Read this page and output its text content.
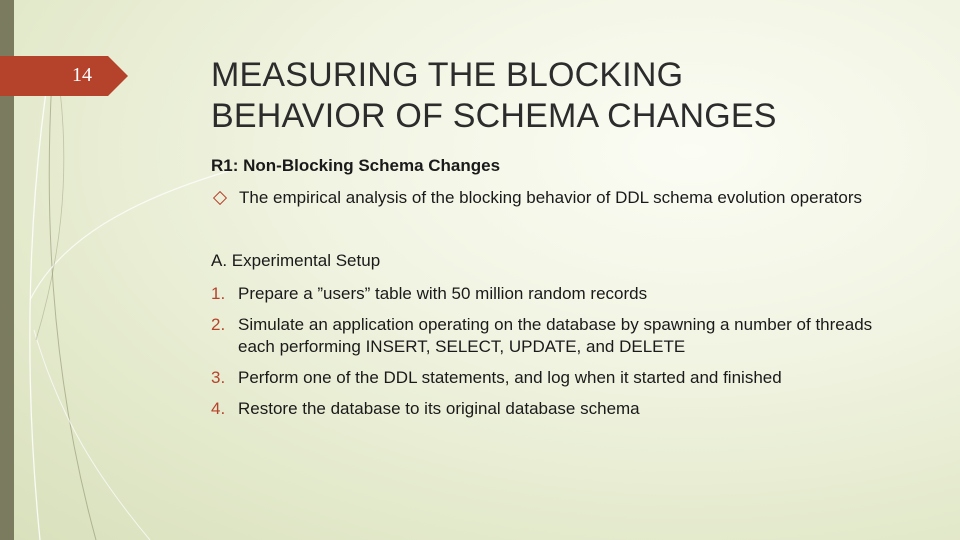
14	MEASURING THE BLOCKING
BEHAVIOR OF SCHEMA CHANGES
R1: Non-Blocking Schema Changes
The empirical analysis of the blocking behavior of DDL schema evolution operators
A. Experimental Setup
1. Prepare a ”users” table with 50 million random records
2. Simulate an application operating on the database by spawning a number of threads each performing INSERT, SELECT, UPDATE, and DELETE
3. Perform one of the DDL statements, and log when it started and finished
4. Restore the database to its original database schema
